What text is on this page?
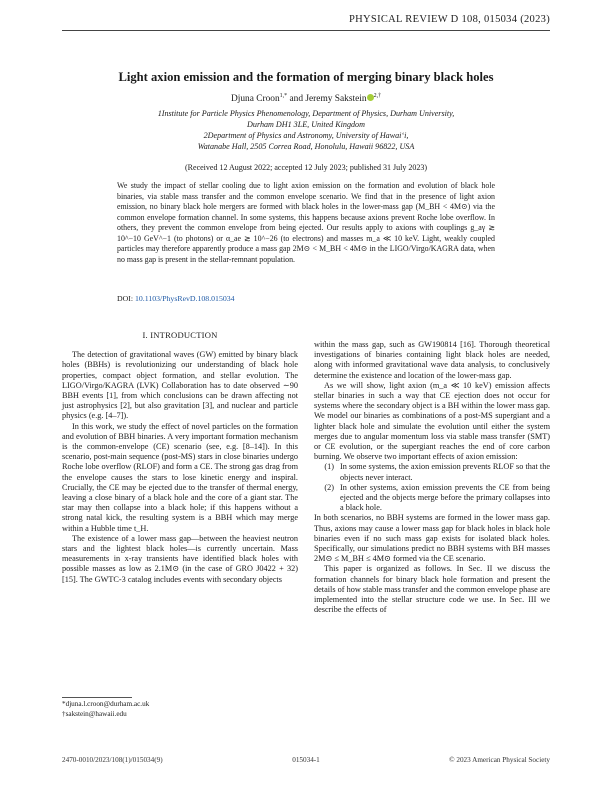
PHYSICAL REVIEW D 108, 015034 (2023)
Light axion emission and the formation of merging binary black holes
Djuna Croon$^{1,*}$ and Jeremy Sakstein $^{2,\dagger}$
1Institute for Particle Physics Phenomenology, Department of Physics, Durham University,
Durham DH1 3LE, United Kingdom
2Department of Physics and Astronomy, University of Hawai‘i,
Watanabe Hall, 2505 Correa Road, Honolulu, Hawaii 96822, USA
(Received 12 August 2022; accepted 12 July 2023; published 31 July 2023)
We study the impact of stellar cooling due to light axion emission on the formation and evolution of black hole binaries, via stable mass transfer and the common envelope scenario. We find that in the presence of light axion emission, no binary black hole mergers are formed with black holes in the lower-mass gap (M_BH < 4M⊙) via the common envelope formation channel. In some systems, this happens because axions prevent Roche lobe overflow. In others, they prevent the common envelope from being ejected. Our results apply to axions with couplings g_aγ ≳ 10^−10 GeV^−1 (to photons) or α_ae ≳ 10^−26 (to electrons) and masses m_a ≪ 10 keV. Light, weakly coupled particles may therefore apparently produce a mass gap 2M⊙ < M_BH < 4M⊙ in the LIGO/Virgo/KAGRA data, when no mass gap is present in the stellar-remnant population.
DOI: 10.1103/PhysRevD.108.015034
I. INTRODUCTION

The detection of gravitational waves (GW) emitted by binary black holes (BBHs) is revolutionizing our understanding of black hole properties, compact object formation, and stellar evolution. The LIGO/Virgo/KAGRA (LVK) Collaboration has to date observed ∼90 BBH events [1], from which conclusions can be drawn affecting not just astrophysics [2], but also gravitation [3], and nuclear and particle physics (e.g. [4–7]).

In this work, we study the effect of novel particles on the formation and evolution of BBH binaries. A very important formation mechanism is the common-envelope (CE) scenario (see, e.g. [8–14]). In this scenario, post-main sequence (post-MS) stars in close binaries undergo Roche lobe overflow (RLOF) and form a CE. The strong gas drag from the envelope causes the stars to lose kinetic energy and inspiral. Crucially, the CE may be ejected due to the transfer of thermal energy, leaving a close binary of a black hole and the core of a giant star. The star may then collapse into a black hole; if this happens without a strong natal kick, the resulting system is a BBH which may merge within a Hubble time t_H.

The existence of a lower mass gap—between the heaviest neutron stars and the lightest black holes—is currently uncertain. Mass measurements in x-ray transients have identified black holes with possible masses as low as 2.1M⊙ (in the case of GRO J0422 + 32) [15]. The GWTC-3 catalog includes events with secondary objects

within the mass gap, such as GW190814 [16]. Thorough theoretical investigations of binaries containing light black holes are needed, along with informed gravitational wave data analysis, to conclusively determine the existence and location of the lower-mass gap.

As we will show, light axion (m_a ≪ 10 keV) emission affects stellar binaries in such a way that CE ejection does not occur for systems where the secondary object is a BH within the lower mass gap. We model our binaries as combinations of a post-MS supergiant and a lighter black hole and simulate the evolution until either the system merges due to angular momentum loss via stable mass transfer (SMT) or CE evolution, or the supergiant reaches the end of core carbon burning. We observe two important effects of axion emission:

(1) In some systems, the axion emission prevents RLOF so that the objects never interact.
(2) In other systems, axion emission prevents the CE from being ejected and the objects merge before the primary collapses into a black hole.

In both scenarios, no BBH systems are formed in the lower mass gap. Thus, axions may cause a lower mass gap for black holes in black hole binaries even if no such mass gap exists for isolated black holes. Specifically, our simulations predict no BBH systems with BH masses 2M⊙ ≤ M_BH ≤ 4M⊙ formed via the CE scenario.

This paper is organized as follows. In Sec. II we discuss the formation channels for binary black hole formation and present the details of how stable mass transfer and the common envelope phase are implemented into the stellar structure code we use. In Sec. III we describe the effects of

*djuna.l.croon@durham.ac.uk
†sakstein@hawaii.edu
2470-0010/2023/108(1)/015034(9)	015034-1	© 2023 American Physical Society
